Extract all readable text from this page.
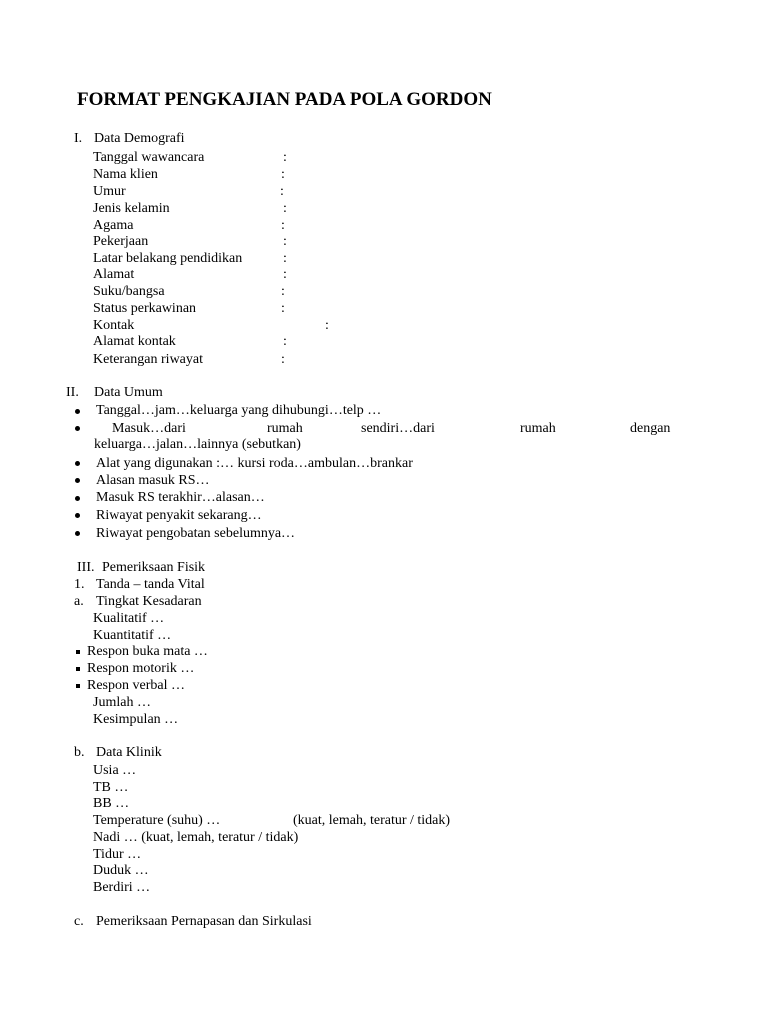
FORMAT PENGKAJIAN PADA POLA GORDON
I. Data Demografi
Tanggal wawancara	:
Nama klien	:
Umur	:
Jenis kelamin	:
Agama	:
Pekerjaan	:
Latar belakang pendidikan	:
Alamat	:
Suku/bangsa	:
Status perkawinan	:
Kontak	:
Alamat kontak	:
Keterangan riwayat	:
II. Data Umum
Tanggal…jam…keluarga yang dihubungi…telp …
Masuk…dari	rumah	sendiri…dari	rumah	dengan
keluarga…jalan…lainnya (sebutkan)
Alat yang digunakan :… kursi roda…ambulan…brankar
Alasan masuk RS…
Masuk RS terakhir…alasan…
Riwayat penyakit sekarang…
Riwayat pengobatan sebelumnya…
III. Pemeriksaan Fisik
1. Tanda – tanda Vital
a. Tingkat Kesadaran
Kualitatif …
Kuantitatif …
Respon buka mata …
Respon motorik …
Respon verbal …
Jumlah …
Kesimpulan …
b. Data Klinik
Usia …
TB …
BB …
Temperature (suhu) …	(kuat, lemah, teratur / tidak)
Nadi … (kuat, lemah, teratur / tidak)
Tidur …
Duduk …
Berdiri …
c. Pemeriksaan Pernapasan dan Sirkulasi
